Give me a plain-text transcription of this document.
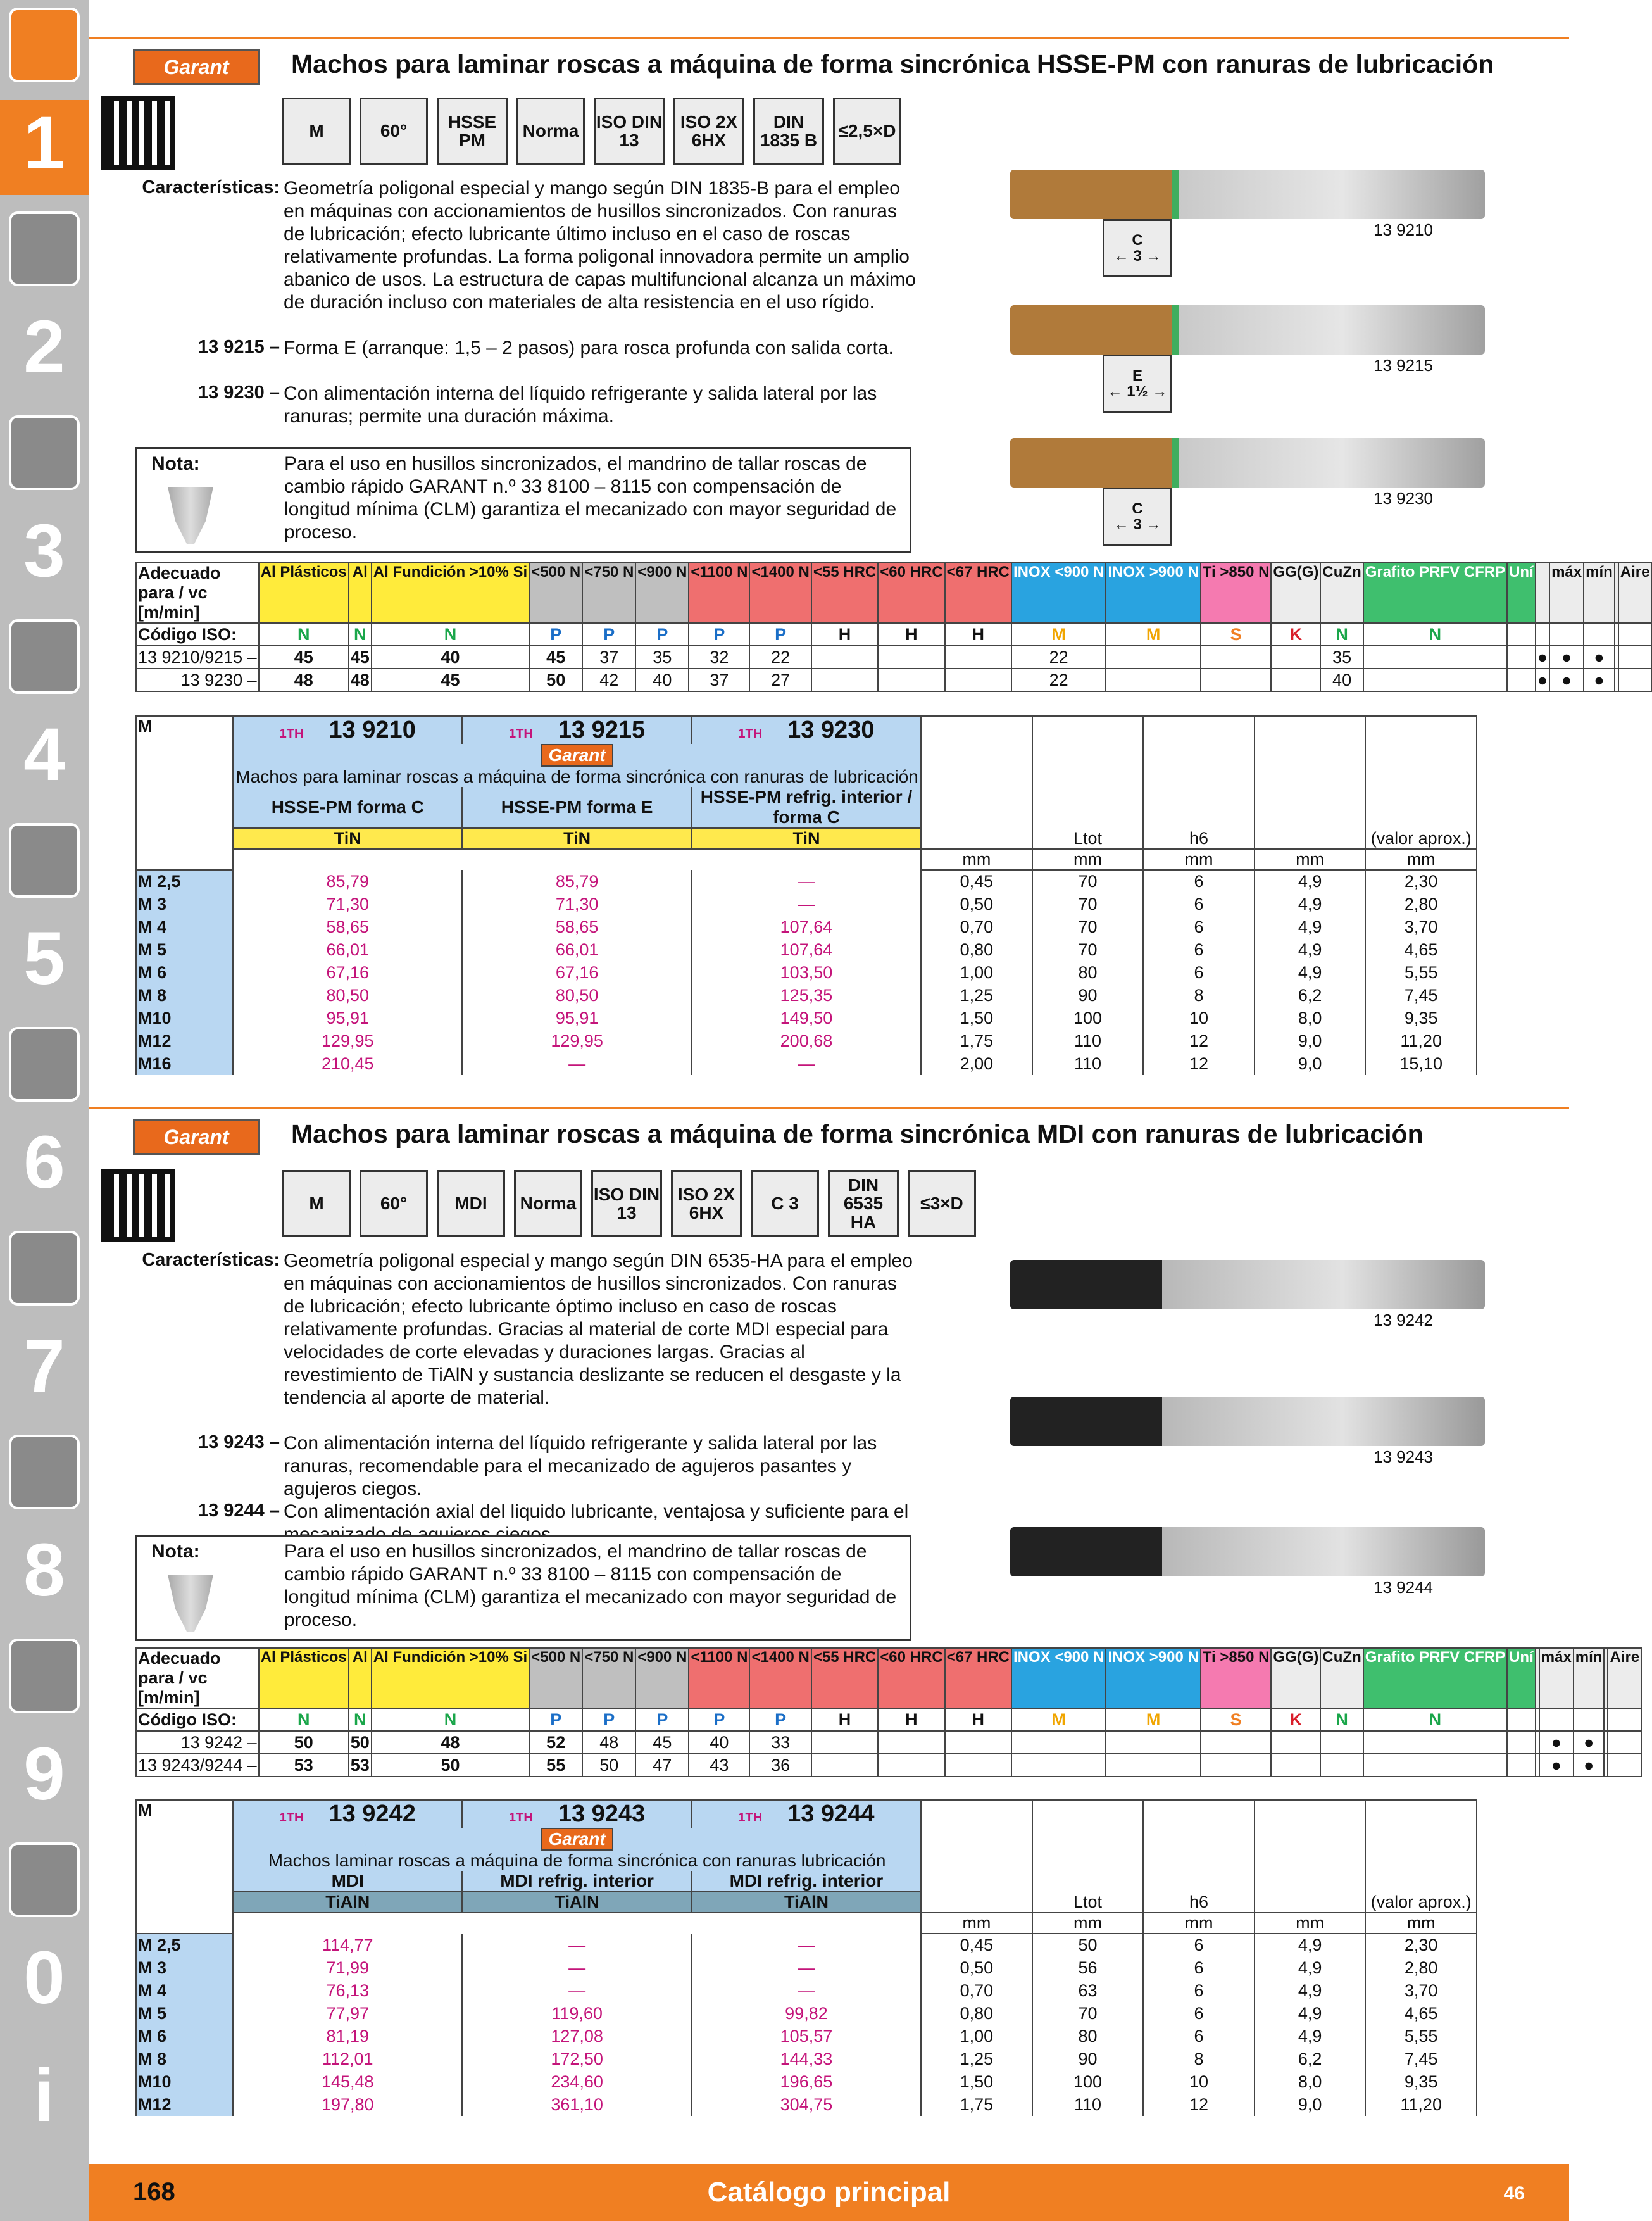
1
2
3
4
5
6
7
8
9
0
i
Garant	Machos para laminar roscas a máquina de forma sincrónica HSSE-PM con ranuras de lubricación
M	60°	HSSE PM	Norma ISO DIN 13
ISO 2X 6HX
DIN 1835 B	≤2,5×D
Características: Geometría poligonal especial y mango según DIN 1835-B para el empleo en máquinas con accionamientos de husillos sincronizados. Con ranuras de lubricación; efecto lubricante último incluso en el caso de roscas relativamente profundas. La forma poligonal innovadora permite un amplio abanico de usos. La estructura de capas multifuncional alcanza un máximo de duración incluso con materiales de alta resistencia en el uso rígido.
13 9215 – Forma E (arranque: 1,5 – 2 pasos) para rosca profunda con salida corta.
13 9230 – Con alimentación interna del líquido refrigerante y salida lateral por las ranuras; permite una duración máxima.
Nota:	Para el uso en husillos sincronizados, el mandrino de tallar roscas de cambio rápido GARANT n.º 33 8100 – 8115 con compensación de longitud mínima (CLM) garantiza el mecanizado con mayor seguridad de proceso.
13 9210
C
← 3 →
13 9215
E
← 1½ →
13 9230
C
← 3 →
Adecuado para / vc [m/min]	Al Plásticos	Al	Al Fundición >10% Si	<500 N	<750 N	<900 N	<1100 N	<1400 N	<55 HRC	<60 HRC	<67 HRC	INOX <900 N	INOX >900 N	Ti >850 N	GG(G)	CuZn	Grafito PRFV CFRP	Uní		máx	mín		Aire
Código ISO:	N	N	N	P	P	P	P	P	H	H	H	M	M	S	K	N	N						
13 9210/9215 –	45	45	40	45	37	35	32	22				22				35			●	●	●		
13 9230 –	48	48	45	50	42	40	37	27				22				40			●	●	●		
M	1TH 13 9210	1TH 13 9215	1TH 13 9230		Ltot	h6		(valor aprox.)
	Garant
Machos para laminar roscas a máquina de forma sincrónica con ranuras de lubricación							

	HSSE-PM forma C	HSSE-PM forma E	HSSE-PM refrig. interior / forma C					
	TiN	TiN	TiN					
				mm	mm	mm	mm	mm
M 2,5	85,79	85,79	—	0,45	70	6	4,9	2,30
M 3	71,30	71,30	—	0,50	70	6	4,9	2,80
M 4	58,65	58,65	107,64	0,70	70	6	4,9	3,70
M 5	66,01	66,01	107,64	0,80	70	6	4,9	4,65
M 6	67,16	67,16	103,50	1,00	80	6	4,9	5,55
M 8	80,50	80,50	125,35	1,25	90	8	6,2	7,45
M10	95,91	95,91	149,50	1,50	100	10	8,0	9,35
M12	129,95	129,95	200,68	1,75	110	12	9,0	11,20
M16	210,45	—	—	2,00	110	12	9,0	15,10
Garant	Machos para laminar roscas a máquina de forma sincrónica MDI con ranuras de lubricación
M	60°	MDI	Norma ISO DIN 13
ISO 2X 6HX	C 3
DIN 6535 HA
≤3×D
Características: Geometría poligonal especial y mango según DIN 6535-HA para el empleo en máquinas con accionamientos de husillos sincronizados. Con ranuras de lubricación; efecto lubricante óptimo incluso en caso de roscas relativamente profundas. Gracias al material de corte MDI especial para velocidades de corte elevadas y duraciones largas. Gracias al revestimiento de TiAlN y sustancia deslizante se reducen el desgaste y la tendencia al aporte de material.
13 9243 – Con alimentación interna del líquido refrigerante y salida lateral por las ranuras, recomendable para el mecanizado de agujeros pasantes y agujeros ciegos.
13 9244 – Con alimentación axial del liquido lubricante, ventajosa y suficiente para el
Nota:	Para el uso en husillos sincronizados, el mandrino de tallar roscas de cambio rápido GARANT n.º 33 8100 – 8115 con compensación de longitud mínima (CLM) garantiza el mecanizado con mayor seguridad de proceso.
13 9242
13 9243
13 9244
Adecuado para / vc [m/min]	Al Plásticos	Al	Al Fundición >10% Si	<500 N	<750 N	<900 N	<1100 N	<1400 N	<55 HRC	<60 HRC	<67 HRC	INOX <900 N	INOX >900 N	Ti >850 N	GG(G)	CuZn	Grafito PRFV CFRP	Uní		máx	mín		Aire
Código ISO:	N	N	N	P	P	P	P	P	H	H	H	M	M	S	K	N	N						
13 9242 –	50	50	48	52	48	45	40	33												●	●		
13 9243/9244 –	53	53	50	55	50	47	43	36												●	●		
M	1TH 13 9242	1TH 13 9243	1TH 13 9244		Ltot	h6		(valor aprox.)
	Garant
Machos laminar roscas a máquina de forma sincrónica con ranuras lubricación							

	MDI	MDI refrig. interior	MDI refrig. interior					
	TiAlN	TiAlN	TiAlN					
				mm	mm	mm	mm	mm
M 2,5	114,77	—	—	0,45	50	6	4,9	2,30
M 3	71,99	—	—	0,50	56	6	4,9	2,80
M 4	76,13	—	—	0,70	63	6	4,9	3,70
M 5	77,97	119,60	99,82	0,80	70	6	4,9	4,65
M 6	81,19	127,08	105,57	1,00	80	6	4,9	5,55
M 8	112,01	172,50	144,33	1,25	90	8	6,2	7,45
M10	145,48	234,60	196,65	1,50	100	10	8,0	9,35
M12	197,80	361,10	304,75	1,75	110	12	9,0	11,20
168	Catálogo principal	46
